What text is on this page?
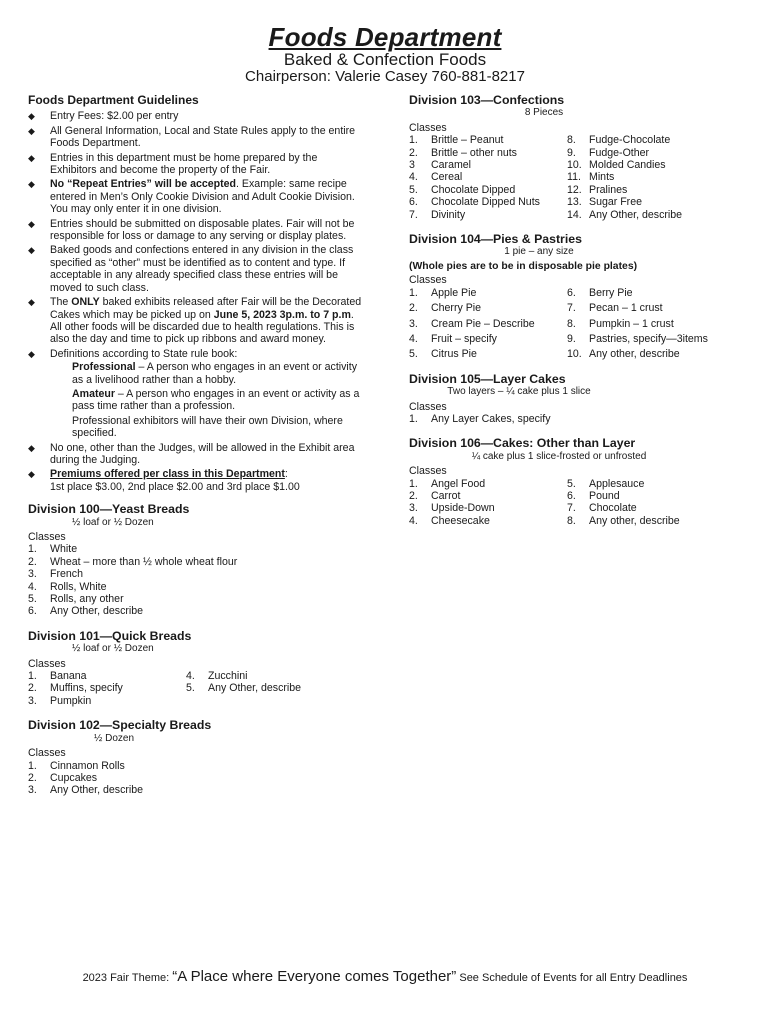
Foods Department
Baked & Confection Foods
Chairperson: Valerie Casey 760-881-8217
Foods Department Guidelines
◆ Entry Fees: $2.00 per entry
◆ All General Information, Local and State Rules apply to the entire Foods Department.
◆ Entries in this department must be home prepared by the Exhibitors and become the property of the Fair.
◆ No “Repeat Entries” will be accepted. Example: same recipe entered in Men’s Only Cookie Division and Adult Cookie Division. You may only enter it in one division.
◆ Entries should be submitted on disposable plates. Fair will not be responsible for loss or damage to any serving or display plates.
◆ Baked goods and confections entered in any division in the class specified as “other” must be identified as to content and type. If acceptable in any already specified class these entries will be moved to such class.
◆ The ONLY baked exhibits released after Fair will be the Decorated Cakes which may be picked up on June 5, 2023 3p.m. to 7 p.m. All other foods will be discarded due to health regulations. This is also the day and time to pick up ribbons and award money.
◆ Definitions according to State rule book:
Professional – A person who engages in an event or activity as a livelihood rather than a hobby.
Amateur – A person who engages in an event or activity as a pass time rather than a profession.
Professional exhibitors will have their own Division, where specified.
◆ No one, other than the Judges, will be allowed in the Exhibit area during the Judging.
◆ Premiums offered per class in this Department:
1st place $3.00, 2nd place $2.00 and 3rd place $1.00
Division 100—Yeast Breads
½ loaf or ½ Dozen
Classes
1.	White
2.	Wheat – more than ½ whole wheat flour
3.	French
4.	Rolls, White
5.	Rolls, any other
6.	Any Other, describe
Division 101—Quick Breads
½ loaf or ½ Dozen
Classes
1.	Banana	4.	Zucchini
2.	Muffins, specify	5.	Any Other, describe
3.	Pumpkin
Division 102—Specialty Breads
½ Dozen
Classes
1.	Cinnamon Rolls
2.	Cupcakes
3.	Any Other, describe
Division 103—Confections
8 Pieces
Classes
1.	Brittle – Peanut	8.	Fudge-Chocolate
2.	Brittle – other nuts	9.	Fudge-Other
3	Caramel	10. Molded Candies
4.	Cereal	11. Mints
5.	Chocolate Dipped	12. Pralines
6.	Chocolate Dipped Nuts	13. Sugar Free
7.	Divinity	14. Any Other, describe
Division 104—Pies & Pastries
1 pie – any size
(Whole pies are to be in disposable pie plates)
Classes
1.	Apple Pie	6.	Berry Pie
2.	Cherry Pie	7.	Pecan – 1 crust
3.	Cream Pie – Describe	8.	Pumpkin – 1 crust
4.	Fruit – specify	9.	Pastries, specify—3items
5.	Citrus Pie	10. Any other, describe
Division 105—Layer Cakes
Two layers – ¼ cake plus 1 slice
Classes
1.	Any Layer Cakes, specify
Division 106—Cakes: Other than Layer
¼ cake plus 1 slice-frosted or unfrosted
Classes
1.	Angel Food	5.	Applesauce
2.	Carrot	6.	Pound
3.	Upside-Down	7.	Chocolate
4.	Cheesecake	8.	Any other, describe
2023 Fair Theme: “A Place where Everyone comes Together” See Schedule of Events for all Entry Deadlines
